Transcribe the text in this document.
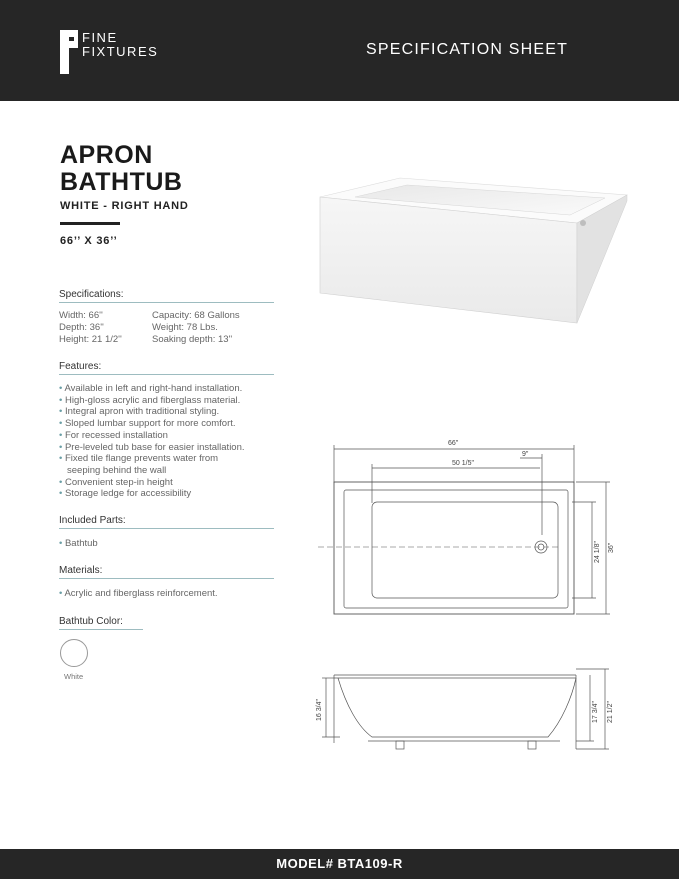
FINE
FIXTURES	SPECIFICATION SHEET
APRON
BATHTUB
WHITE - RIGHT HAND
66’’ X 36’’
Specifications:
Width: 66''
Depth: 36''
Height: 21 1/2''
Capacity: 68 Gallons
Weight: 78 Lbs.
Soaking depth: 13''
Features:
• Available in left and right-hand installation.
• High-gloss acrylic and fiberglass material.
• Integral apron with traditional styling.
• Sloped lumbar support for more comfort.
• For recessed installation
• Pre-leveled tub base for easier installation.
• Fixed tile flange prevents water from
seeping behind the wall
• Convenient step-in height
• Storage ledge for accessibility
Included Parts:
• Bathtub
Materials:
• Acrylic and fiberglass reinforcement.
Bathtub Color:
White
66"
50 1/5"
9"
24 1/8" 36"
16 3/4"	17 3/4" 21 1/2"
MODEL# BTA109-R
